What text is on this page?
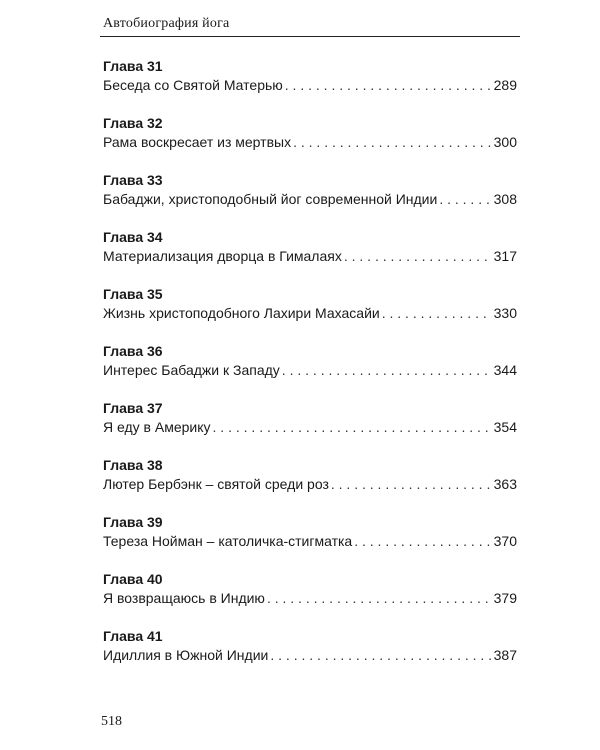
Автобиография йога
Глава 31
Беседа со Святой Матерью . . .	289
Глава 32
Рама воскресает из мертвых . . .	300
Глава 33
Бабаджи, христоподобный йог современной Индии . . .	308
Глава 34
Материализация дворца в Гималаях . . .	317
Глава 35
Жизнь христоподобного Лахири Махасайи . . .	330
Глава 36
Интерес Бабаджи к Западу . . .	344
Глава 37
Я еду в Америку . . .	354
Глава 38
Лютер Бербэнк – святой среди роз . . .	363
Глава 39
Тереза Нойман – католичка-стигматка . . .	370
Глава 40
Я возвращаюсь в Индию . . .	379
Глава 41
Идиллия в Южной Индии . . .	387
518
